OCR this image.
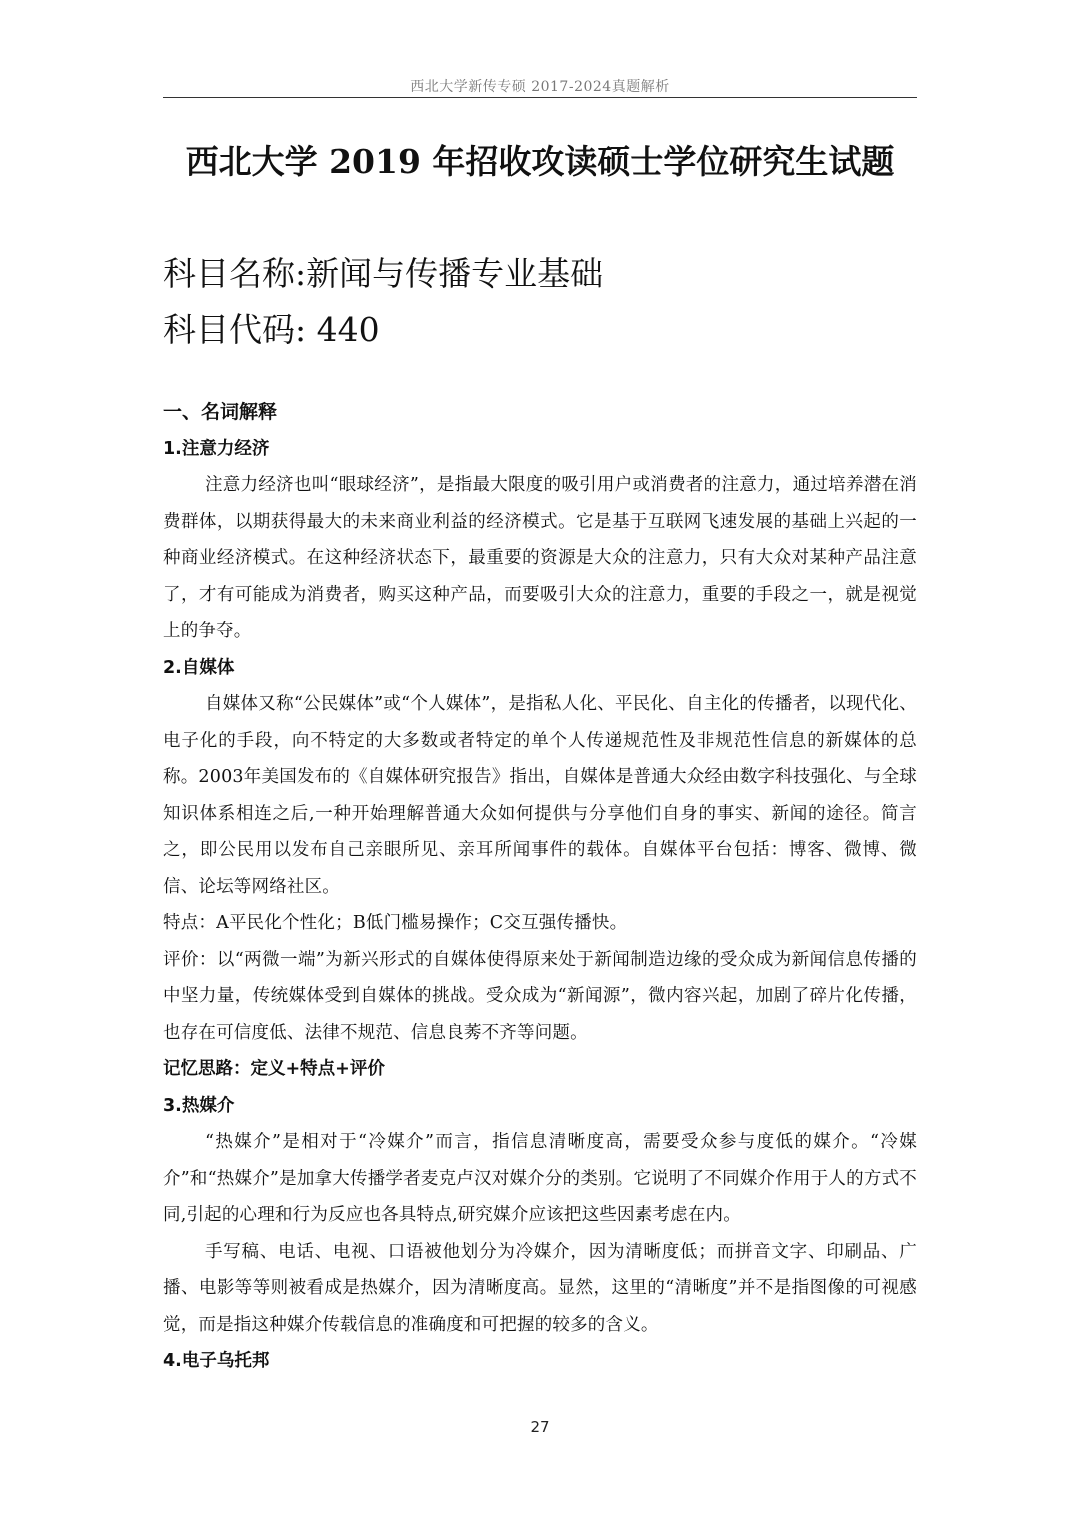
西北大学新传专硕 2017-2024真题解析
西北大学 2019 年招收攻读硕士学位研究生试题
科目名称:新闻与传播专业基础
科目代码: 440
一、名词解释
1.注意力经济
注意力经济也叫“眼球经济”，是指最大限度的吸引用户或消费者的注意力，通过培养潜在消费群体，以期获得最大的未来商业利益的经济模式。它是基于互联网飞速发展的基础上兴起的一种商业经济模式。在这种经济状态下，最重要的资源是大众的注意力，只有大众对某种产品注意了，才有可能成为消费者，购买这种产品，而要吸引大众的注意力，重要的手段之一，就是视觉上的争夺。
2.自媒体
自媒体又称“公民媒体”或“个人媒体”，是指私人化、平民化、自主化的传播者，以现代化、电子化的手段，向不特定的大多数或者特定的单个人传递规范性及非规范性信息的新媒体的总称。2003年美国发布的《自媒体研究报告》指出，自媒体是普通大众经由数字科技强化、与全球知识体系相连之后,一种开始理解普通大众如何提供与分享他们自身的事实、新闻的途径。简言之，即公民用以发布自己亲眼所见、亲耳所闻事件的载体。自媒体平台包括：博客、微博、微信、论坛等网络社区。
特点：A平民化个性化；B低门槛易操作；C交互强传播快。
评价：以“两微一端”为新兴形式的自媒体使得原来处于新闻制造边缘的受众成为新闻信息传播的中坚力量，传统媒体受到自媒体的挑战。受众成为“新闻源”，微内容兴起，加剧了碎片化传播，也存在可信度低、法律不规范、信息良莠不齐等问题。
记忆思路：定义+特点+评价
3.热媒介
“热媒介”是相对于“冷媒介”而言，指信息清晰度高，需要受众参与度低的媒介。“冷媒介”和“热媒介”是加拿大传播学者麦克卢汉对媒介分的类别。它说明了不同媒介作用于人的方式不同,引起的心理和行为反应也各具特点,研究媒介应该把这些因素考虑在内。
手写稿、电话、电视、口语被他划分为冷媒介，因为清晰度低；而拼音文字、印刷品、广播、电影等等则被看成是热媒介，因为清晰度高。显然，这里的“清晰度”并不是指图像的可视感觉，而是指这种媒介传载信息的准确度和可把握的较多的含义。
4.电子乌托邦
27
